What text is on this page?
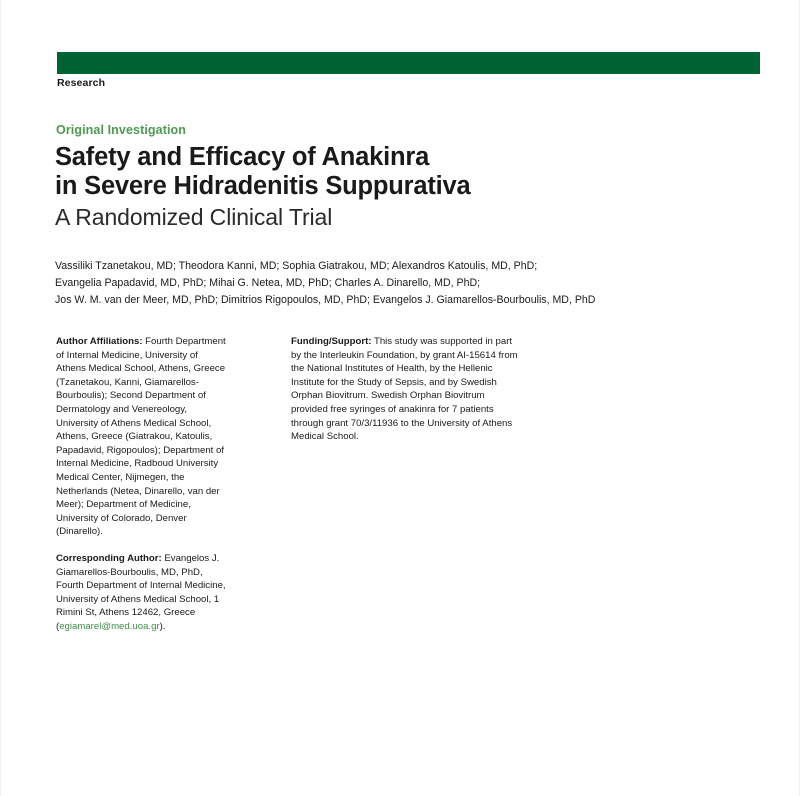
Research
Original Investigation
Safety and Efficacy of Anakinra
in Severe Hidradenitis Suppurativa
A Randomized Clinical Trial
Vassiliki Tzanetakou, MD; Theodora Kanni, MD; Sophia Giatrakou, MD; Alexandros Katoulis, MD, PhD;
Evangelia Papadavid, MD, PhD; Mihai G. Netea, MD, PhD; Charles A. Dinarello, MD, PhD;
Jos W. M. van der Meer, MD, PhD; Dimitrios Rigopoulos, MD, PhD; Evangelos J. Giamarellos-Bourboulis, MD, PhD
Author Affiliations: Fourth Department of Internal Medicine, University of Athens Medical School, Athens, Greece (Tzanetakou, Kanni, Giamarellos-Bourboulis); Second Department of Dermatology and Venereology, University of Athens Medical School, Athens, Greece (Giatrakou, Katoulis, Papadavid, Rigopoulos); Department of Internal Medicine, Radboud University Medical Center, Nijmegen, the Netherlands (Netea, Dinarello, van der Meer); Department of Medicine, University of Colorado, Denver (Dinarello).
Corresponding Author: Evangelos J. Giamarellos-Bourboulis, MD, PhD, Fourth Department of Internal Medicine, University of Athens Medical School, 1 Rimini St, Athens 12462, Greece (egiamarel@med.uoa.gr).
Funding/Support: This study was supported in part by the Interleukin Foundation, by grant AI-15614 from the National Institutes of Health, by the Hellenic Institute for the Study of Sepsis, and by Swedish Orphan Biovitrum. Swedish Orphan Biovitrum provided free syringes of anakinra for 7 patients through grant 70/3/11936 to the University of Athens Medical School.
